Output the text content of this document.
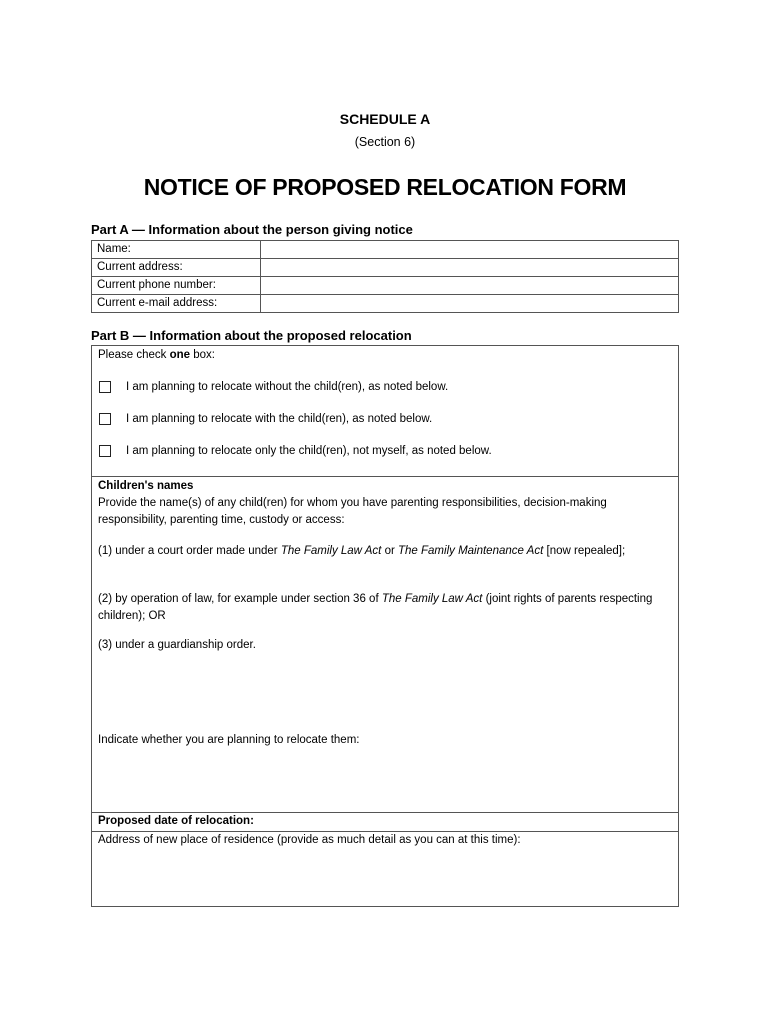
SCHEDULE A
(Section 6)
NOTICE OF PROPOSED RELOCATION FORM
Part A — Information about the person giving notice
Name:	
Current address:	
Current phone number:	
Current e-mail address:	
Part B — Information about the proposed relocation
Please check one box:
I am planning to relocate without the child(ren), as noted below.
I am planning to relocate with the child(ren), as noted below.
I am planning to relocate only the child(ren), not myself, as noted below.
Children's names
Provide the name(s) of any child(ren) for whom you have parenting responsibilities, decision-making responsibility, parenting time, custody or access:
(1) under a court order made under The Family Law Act or The Family Maintenance Act [now repealed];
(2) by operation of law, for example under section 36 of The Family Law Act (joint rights of parents respecting children); OR
(3) under a guardianship order.
Indicate whether you are planning to relocate them:
Proposed date of relocation:
Address of new place of residence (provide as much detail as you can at this time):
